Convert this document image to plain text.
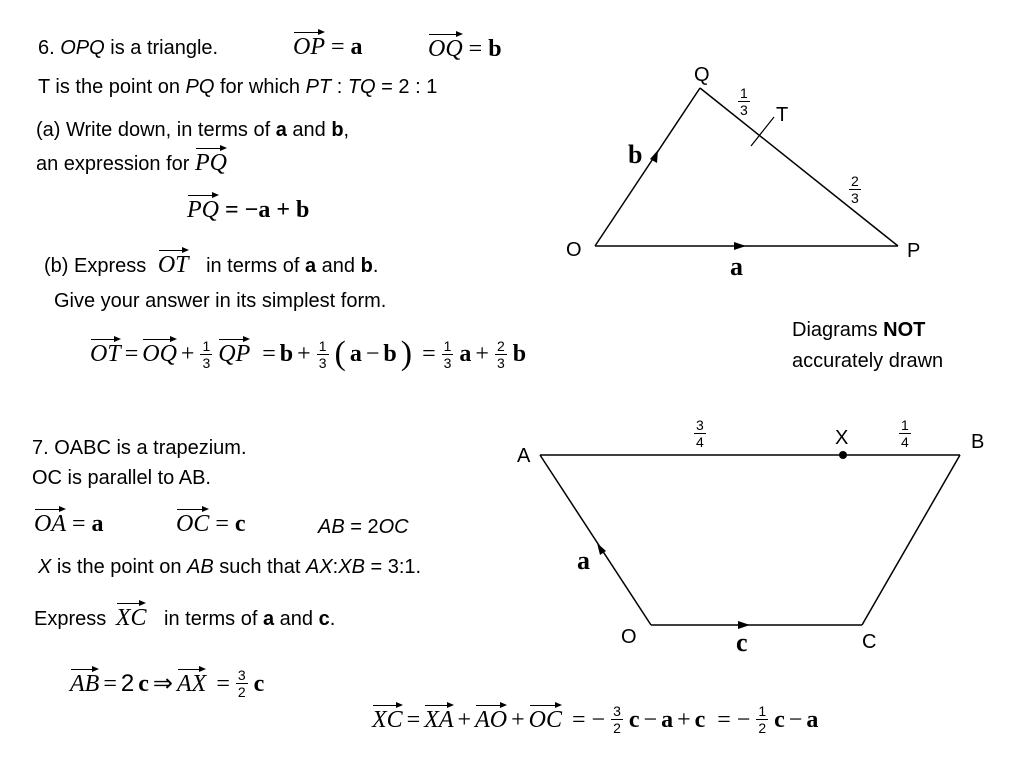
6. OPQ is a triangle.	OP = a	OQ = b
T is the point on PQ for which PT : TQ = 2 : 1
(a) Write down, in terms of a and b,
an expression for PQ
PQ = −a + b
(b) Express OT in terms of a and b.
Give your answer in its simplest form.
OT = OQ + $\frac{1}{3}$ QP = $b + \frac{1}{3}$ ( a − b ) = $\frac{1}{3}$ $a + \frac{2}{3}$ b
Q
O	P
T
b
a
$\frac{1}{3}$
$\frac{2}{3}$
Diagrams NOT
accurately drawn
7. OABC is a trapezium.
OC is parallel to AB.
OA = a	OC = c	AB = 2OC
X is the point on AB such that AX:XB = 3:1.
Express XC in terms of a and c.
AB = 2 c ⇒ AX = $\frac{3}{2}$ c
XC = XA + AO + OC = − $\frac{3}{2}$ c − a + c = − $\frac{1}{2}$ c − a
A
B
O	C
X
a
c
$\frac{3}{4}$	$\frac{1}{4}$
